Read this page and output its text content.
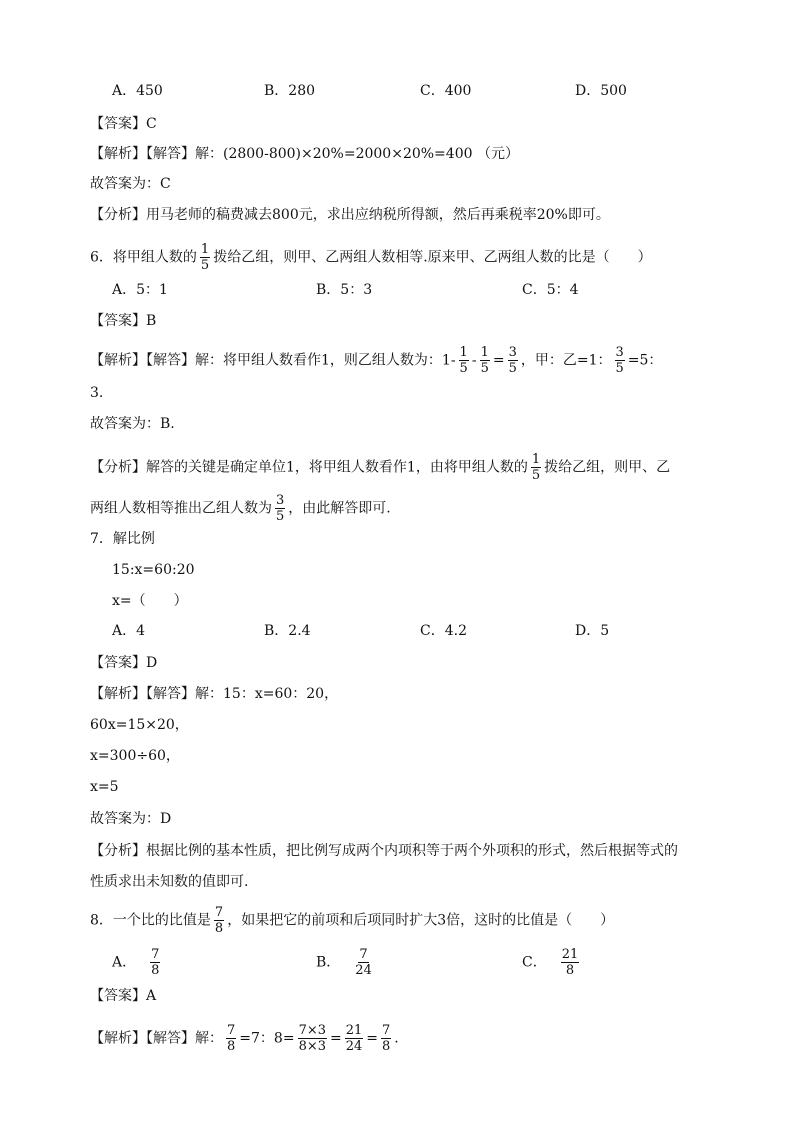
A．450	B．280	C．400	D．500
【答案】C
【解析】【解答】解：(2800-800)×20%=2000×20%=400 （元）
故答案为：C
【分析】用马老师的稿费减去800元，求出应纳税所得额，然后再乘税率20%即可。
6．将甲组人数的 $\frac{1}{5}$ 拨给乙组，则甲、乙两组人数相等.原来甲、乙两组人数的比是（　　）
A．5：1	B．5：3	C．5：4
【答案】B
【解析】【解答】解：将甲组人数看作1，则乙组人数为：$1- \frac{1}{5} - \frac{1}{5} = \frac{3}{5}$ ，甲：乙=1： $\frac{3}{5} =5$：
3.
故答案为：B.
【分析】解答的关键是确定单位1，将甲组人数看作1，由将甲组人数的 $\frac{1}{5}$ 拨给乙组，则甲、乙
两组人数相等推出乙组人数为 $\frac{3}{5}$ ，由此解答即可.
7．解比例
15:x=60:20
x=（　　）
A．4	B．2.4	C．4.2	D．5
【答案】D
【解析】【解答】解：15：x=60：20，
60x=15×20，
x=300÷60，
x=5
故答案为：D
【分析】根据比例的基本性质，把比例写成两个内项积等于两个外项积的形式，然后根据等式的
性质求出未知数的值即可.
8．一个比的比值是 $\frac{7}{8}$ ，如果把它的前项和后项同时扩大3倍，这时的比值是（　　）
A． $\frac{7}{8}$	B． $\frac{7}{24}$	C． $\frac{21}{8}$
【答案】A
【解析】【解答】解： $\frac{7}{8} =7$：$8= \frac{7\times 3}{8\times 3} = \frac{21}{24} = \frac{7}{8}$ .
